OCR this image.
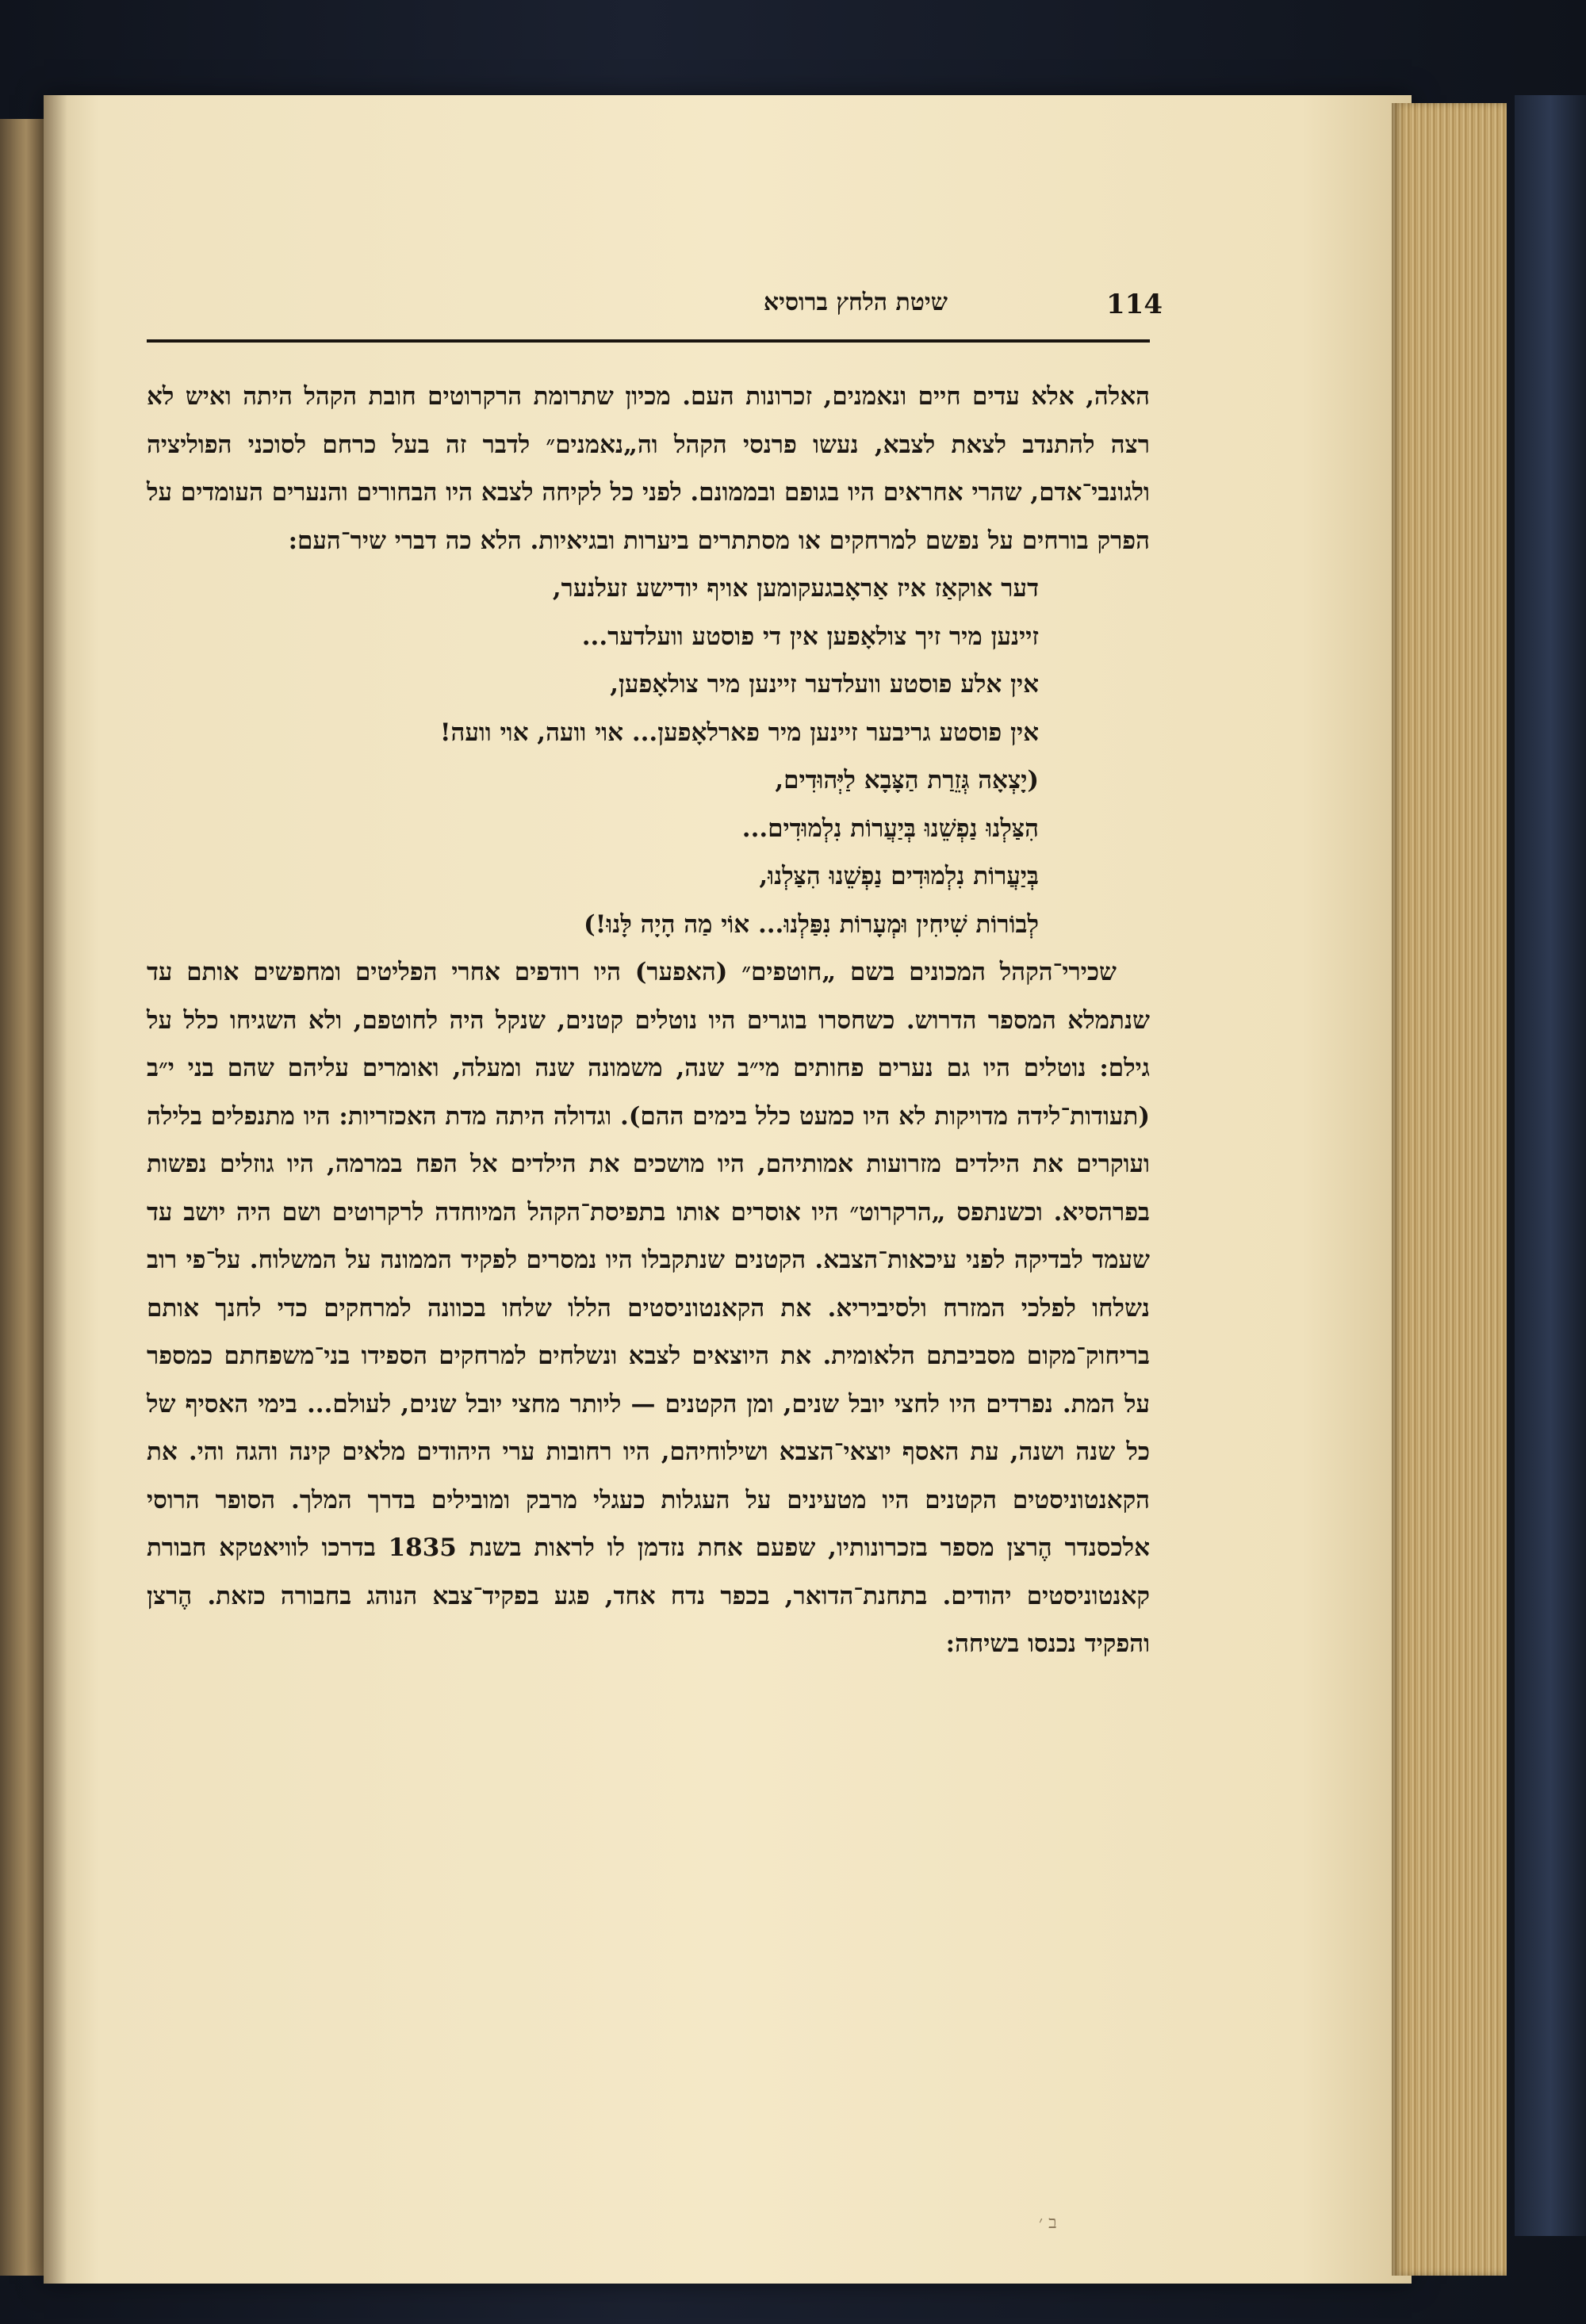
114
שיטת הלחץ ברוסיא

האלה, אלא עדים חיים ונאמנים, זכרונות העם. מכיון שתרומת הרקרוטים חובת הקהל היתה ואיש לא רצה להתנדב לצאת לצבא, נעשו פרנסי הקהל וה„נאמנים״ לדבר זה בעל כרחם לסוכני הפוליציה ולגונבי־אדם, שהרי אחראים היו בגופם ובממונם. לפני כל לקיחה לצבא היו הבחורים והנערים העומדים על הפרק בורחים על נפשם למרחקים או מסתתרים ביערות ובגיאיות. הלא כה דברי שיר־העם:

דער אוקאַז איז אַראָבגעקומען אויף יודישע זעלנער,
זיינען מיר זיך צולאָפען אין די פוסטע וועלדער...
אין אלע פוסטע וועלדער זיינען מיר צולאָפען,
אין פוסטע גריבער זיינען מיר פארלאָפען... אוי וועה, אוי וועה!
(יָצְאָה גְּזֵרַת הַצָּבָא לַיְּהוּדִים,
הִצַּלְנוּ נַפְשֵׁנוּ בְּיַעֲרוֹת נִלְמוּדִים...
בְּיַעֲרוֹת נִלְמוּדִים נַפְשֵׁנוּ הִצַּלְנוּ,
לְבוֹרוֹת שִׁיחִין וּמְעָרוֹת נִפַּלְנוּ... אוֹי מַה הָיָה לָּנוּ!)

שכירי־הקהל המכונים בשם „חוטפים״ (האפער) היו רודפים אחרי הפליטים ומחפשים אותם עד שנתמלא המספר הדרוש. כשחסרו בוגרים היו נוטלים קטנים, שנקל היה לחוטפם, ולא השגיחו כלל על גילם: נוטלים היו גם נערים פחותים מי״ב שנה, משמונה שנה ומעלה, ואומרים עליהם שהם בני י״ב (תעודות־לידה מדויקות לא היו כמעט כלל בימים ההם). וגדולה היתה מדת האכזריות: היו מתנפלים בלילה ועוקרים את הילדים מזרועות אמותיהם, היו מושכים את הילדים אל הפח במרמה, היו גוזלים נפשות בפרהסיא. וכשנתפס „הרקרוט״ היו אוסרים אותו בתפיסת־הקהל המיוחדה לרקרוטים ושם היה יושב עד שעמד לבדיקה לפני עיכאות־הצבא. הקטנים שנתקבלו היו נמסרים לפקיד הממונה על המשלוח. על־פי רוב נשלחו לפלכי המזרח ולסיביריא. את הקאנטוניסטים הללו שלחו בכוונה למרחקים כדי לחנך אותם בריחוק־מקום מסביבתם הלאומית. את היוצאים לצבא ונשלחים למרחקים הספידו בני־משפחתם כמספר על המת. נפרדים היו לחצי יובל שנים, ומן הקטנים — ליותר מחצי יובל שנים, לעולם... בימי האסיף של כל שנה ושנה, עת האסף יוצאי־הצבא ושילוחיהם, היו רחובות ערי היהודים מלאים קינה והגה והי. את הקאנטוניסטים הקטנים היו מטעינים על העגלות כעגלי מרבק ומובילים בדרך המלך. הסופר הרוסי אלכסנדר הֶרצן מספר בזכרונותיו, שפעם אחת נזדמן לו לראות בשנת 1835 בדרכו לוויאטקא חבורת קאנטוניסטים יהודים. בתחנת־הדואר, בכפר נדח אחד, פגע בפקיד־צבא הנוהג בחבורה כזאת. הֶרצן והפקיד נכנסו בשיחה:

ב ׳
